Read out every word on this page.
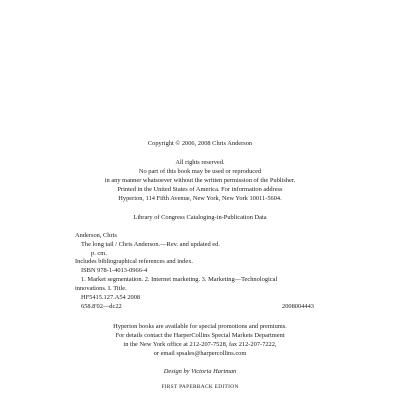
Copyright © 2006, 2008 Chris Anderson

All rights reserved.

No part of this book may be used or reproduced

in any manner whatsoever without the written permission of the Publisher.

Printed in the United States of America. For information address

Hyperion, 114 Fifth Avenue, New York, New York 10011-5604.

Library of Congress Cataloging-in-Publication Data

Anderson, Chris

The long tail / Chris Anderson.—Rev. and updated ed.

p. cm.

Includes bibliographical references and index.

ISBN 978-1-4013-0966-4

1. Market segmentation. 2. Internet marketing. 3. Marketing—Technological

innovations. I. Title.

HF5415.127.A54 2008

658.8'02—dc22	2008004443

Hyperion books are available for special promotions and premiums.

For details contact the HarperCollins Special Markets Department

in the New York office at 212-207-7528, fax 212-207-7222,

or email spsales@harpercollins.com

Design by Victoria Hartman

FIRST PAPERBACK EDITION
